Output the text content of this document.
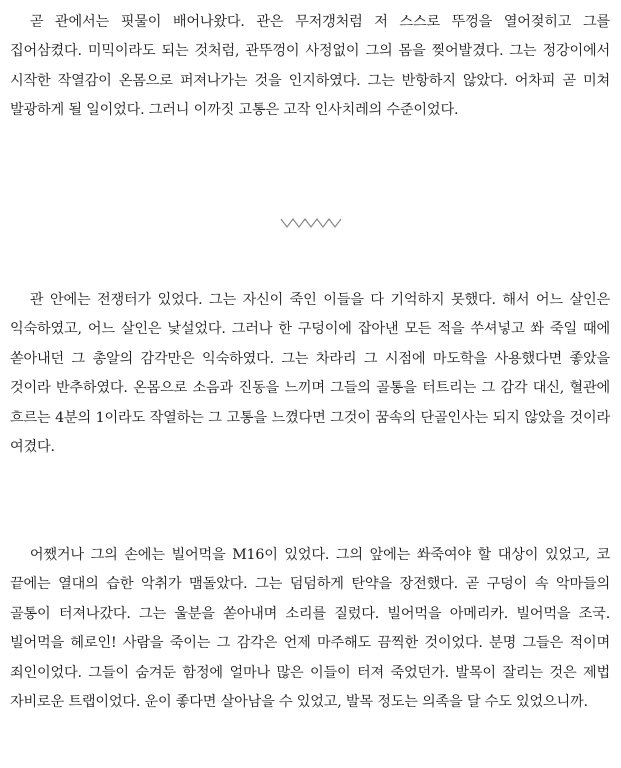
곧 관에서는 핏물이 배어나왔다. 관은 무저갱처럼 저 스스로 뚜껑을 열어젖히고 그를 집어삼켰다. 미믹이라도 되는 것처럼, 관뚜껑이 사정없이 그의 몸을 찢어발겼다. 그는 정강이에서 시작한 작열감이 온몸으로 퍼져나가는 것을 인지하였다. 그는 반항하지 않았다. 어차피 곧 미쳐 발광하게 될 일이었다. 그러니 이까짓 고통은 고작 인사치레의 수준이었다.

관 안에는 전쟁터가 있었다. 그는 자신이 죽인 이들을 다 기억하지 못했다. 해서 어느 살인은 익숙하였고, 어느 살인은 낯설었다. 그러나 한 구덩이에 잡아낸 모든 적을 쑤셔넣고 쏴 죽일 때에 쏟아내던 그 총알의 감각만은 익숙하였다. 그는 차라리 그 시점에 마도학을 사용했다면 좋았을 것이라 반추하였다. 온몸으로 소음과 진동을 느끼며 그들의 골통을 터트리는 그 감각 대신, 혈관에 흐르는 4분의 1이라도 작열하는 그 고통을 느꼈다면 그것이 꿈속의 단골인사는 되지 않았을 것이라 여겼다.

어쨌거나 그의 손에는 빌어먹을 M16이 있었다. 그의 앞에는 쏴죽여야 할 대상이 있었고, 코 끝에는 열대의 습한 악취가 맴돌았다. 그는 덤덤하게 탄약을 장전했다. 곧 구덩이 속 악마들의 골통이 터져나갔다. 그는 울분을 쏟아내며 소리를 질렀다. 빌어먹을 아메리카. 빌어먹을 조국. 빌어먹을 헤로인! 사람을 죽이는 그 감각은 언제 마주해도 끔찍한 것이었다. 분명 그들은 적이며 죄인이었다. 그들이 숨겨둔 함정에 얼마나 많은 이들이 터져 죽었던가. 발목이 잘리는 것은 제법 자비로운 트랩이었다. 운이 좋다면 살아남을 수 있었고, 발목 정도는 의족을 달 수도 있었으니까.
